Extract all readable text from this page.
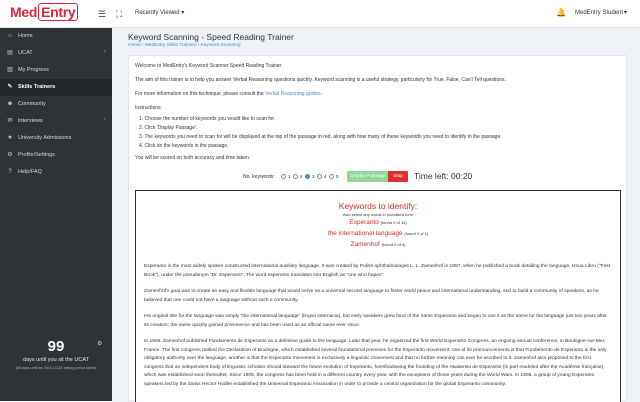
Med Entry	☰	⛶	Recently Viewed ▾	🔔 MedEntry Student ▾
⌂	Home
▤ UCAT	‹
▧ My Progress
✎ Skills Trainers
☻ Community
✉ Interviews	‹
★ University Admissions
⚙ Profile/Settings
?	Help/FAQ
99	⚙
days until you sit the UCAT
(65 days until the 2020 UCAT testing period starts)
Keyword Scanning - Speed Reading Trainer
Home / MedEntry Skills Trainers / Keyword Scanning
Welcome to MedEntry's Keyword Scanner Speed Reading Trainer.
The aim of this trainer is to help you answer Verbal Reasoning questions quickly. Keyword scanning is a useful strategy, particularly for True, False, Can't Tell questions.
For more information on this technique, please consult the Verbal Reasoning guides.
Instructions:
1. Choose the number of keywords you would like to scan for.
2. Click 'Display Passage'.
3. The keywords you need to scan for will be displayed at the top of the passage in red, along with how many of these keywords you need to identify in the passage.
4. Click on the keywords in the passage.
You will be scored on both accuracy and time taken.
No. keywords:	1 2 3 4 5	Display Passage	Stop	Time left: 00:20
Keywords to identify:
Also select any words in pluralised form
Esperanto (found 0 of 14)
the international language (found 0 of 1)
Zamenhof (found 0 of 4)
Esperanto is the most widely spoken constructed international auxiliary language. It was created by Polish ophthalmologist L. L. Zamenhof in 1887, when he published a book detailing the language, Unua Libro ("First Book"), under the pseudonym "Dr. Esperanto". The word esperanto translates into English as "one who hopes".
Zamenhof's goal was to create an easy and flexible language that would serve as a universal second language to foster world peace and international understanding, and to build a community of speakers, as he believed that one could not have a language without such a community.
His original title for the language was simply "the international language" (lingvo internacia), but early speakers grew fond of the name Esperanto and began to use it as the name for the language just two years after its creation; the name quickly gained prominence and has been used as an official name ever since.
In 1905, Zamenhof published Fundamento de Esperanto as a definitive guide to the language. Later that year, he organized the first World Esperanto Congress, an ongoing annual conference, in Boulogne-sur-Mer, France. The first congress ratified the Declaration of Boulogne, which established several foundational premises for the Esperanto movement; one of its pronouncements is that Fundamento de Esperanto is the only obligatory authority over the language; another is that the Esperanto movement is exclusively a linguistic movement and that no further meaning can ever be ascribed to it. Zamenhof also proposed to the first congress that an independent body of linguistic scholars should steward the future evolution of Esperanto, foreshadowing the founding of the Akademio de Esperanto (in part modeled after the Académie française), which was established soon thereafter. Since 1905, the congress has been held in a different country every year, with the exceptions of those years during the World Wars. In 1908, a group of young Esperanto speakers led by the Swiss Hector Hodler established the Universal Esperanto Association in order to provide a central organization for the global Esperanto community.
